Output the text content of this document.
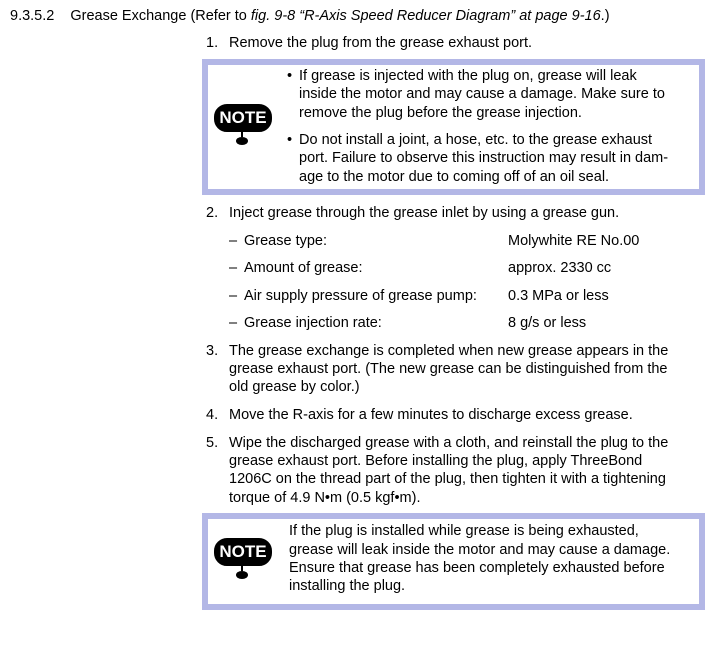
9.3.5.2 Grease Exchange (Refer to fig. 9-8 “R-Axis Speed Reducer Diagram” at page 9-16.)
1. Remove the plug from the grease exhaust port.
NOTE
• If grease is injected with the plug on, grease will leak
inside the motor and may cause a damage. Make sure to
remove the plug before the grease injection.
• Do not install a joint, a hose, etc. to the grease exhaust
port. Failure to observe this instruction may result in dam-
age to the motor due to coming off of an oil seal.
2. Inject grease through the grease inlet by using a grease gun.
– Grease type:	Molywhite RE No.00
– Amount of grease:	approx. 2330 cc
– Air supply pressure of grease pump: 0.3 MPa or less
– Grease injection rate:	8 g/s or less
3. The grease exchange is completed when new grease appears in the
grease exhaust port. (The new grease can be distinguished from the
old grease by color.)
4. Move the R-axis for a few minutes to discharge excess grease.
5. Wipe the discharged grease with a cloth, and reinstall the plug to the
grease exhaust port. Before installing the plug, apply ThreeBond
1206C on the thread part of the plug, then tighten it with a tightening
torque of 4.9 N•m (0.5 kgf•m).
NOTE
If the plug is installed while grease is being exhausted,
grease will leak inside the motor and may cause a damage.
Ensure that grease has been completely exhausted before
installing the plug.
